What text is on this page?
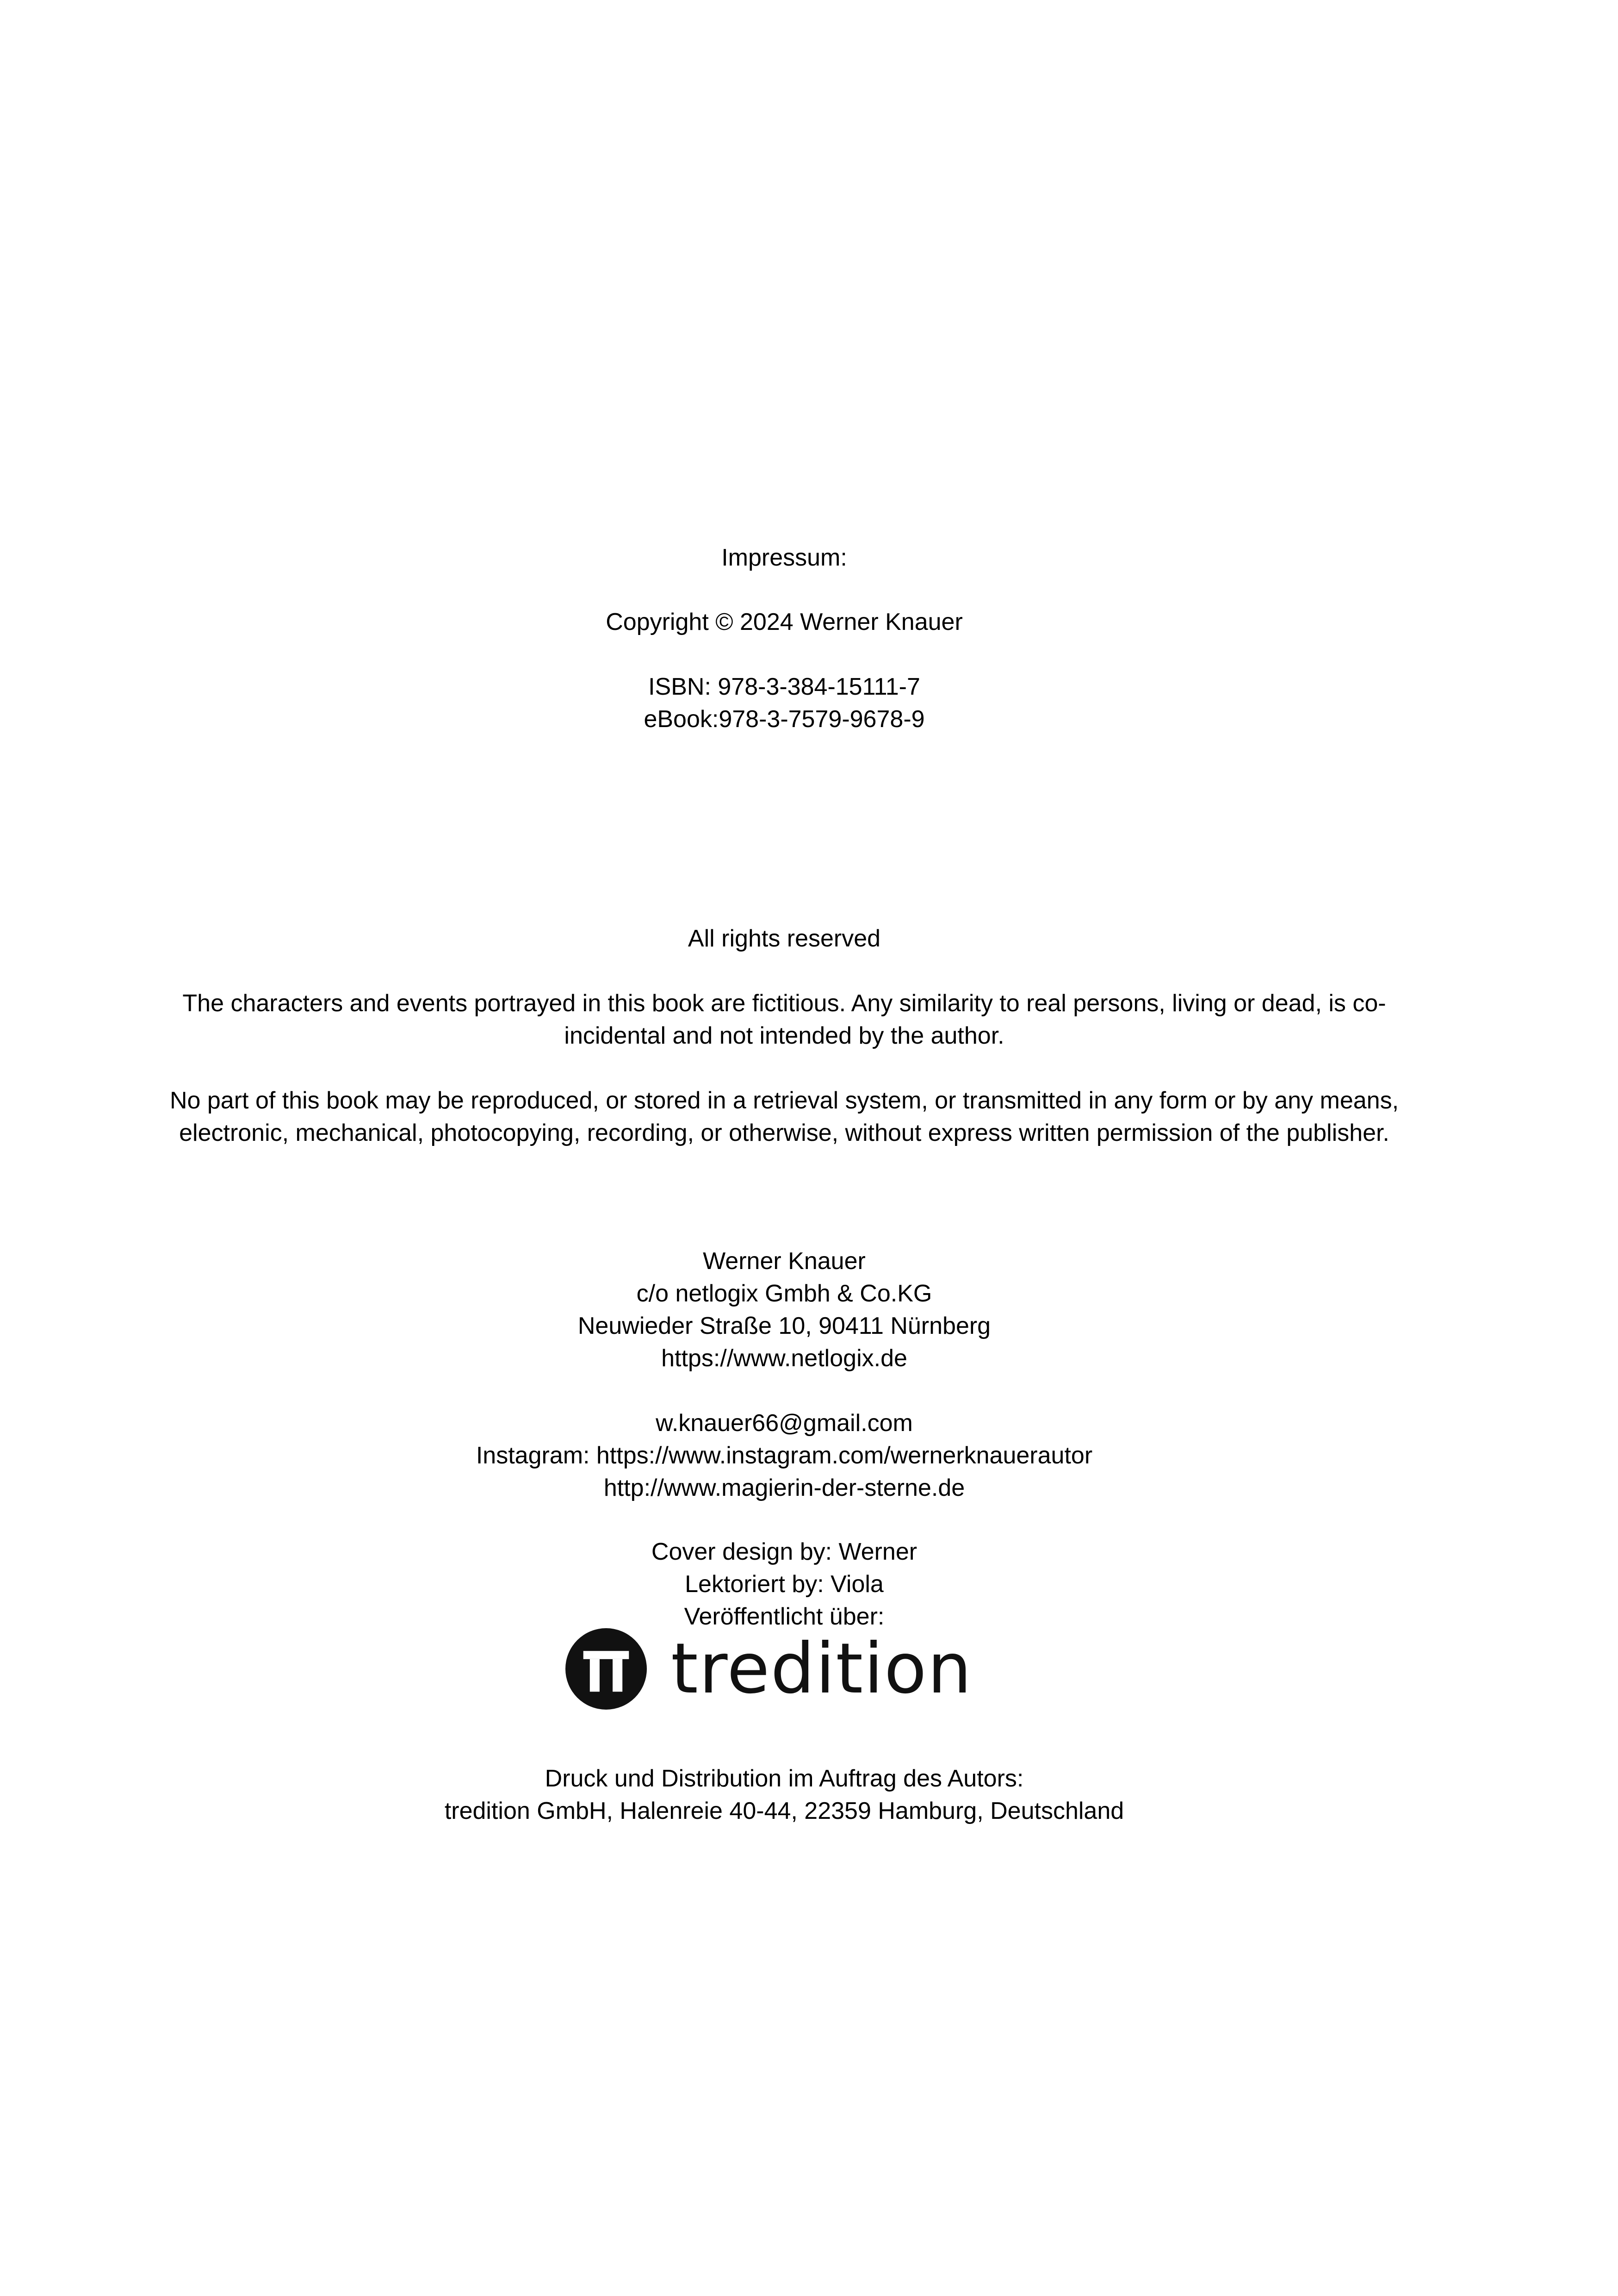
Impressum:
Copyright © 2024 Werner Knauer
ISBN: 978-3-384-15111-7
eBook:978-3-7579-9678-9
All rights reserved
The characters and events portrayed in this book are fictitious. Any similarity to real persons, living or dead, is co-incidental and not intended by the author.
No part of this book may be reproduced, or stored in a retrieval system, or transmitted in any form or by any means, electronic, mechanical, photocopying, recording, or otherwise, without express written permission of the publisher.
Werner Knauer
c/o netlogix Gmbh & Co.KG
Neuwieder Straße 10, 90411 Nürnberg
https://www.netlogix.de
w.knauer66@gmail.com
Instagram: https://www.instagram.com/wernerknauerautor
http://www.magierin-der-sterne.de
Cover design by: Werner
Lektoriert by: Viola
Veröffentlicht über:
tredition
Druck und Distribution im Auftrag des Autors:
tredition GmbH, Halenreie 40-44, 22359 Hamburg, Deutschland
